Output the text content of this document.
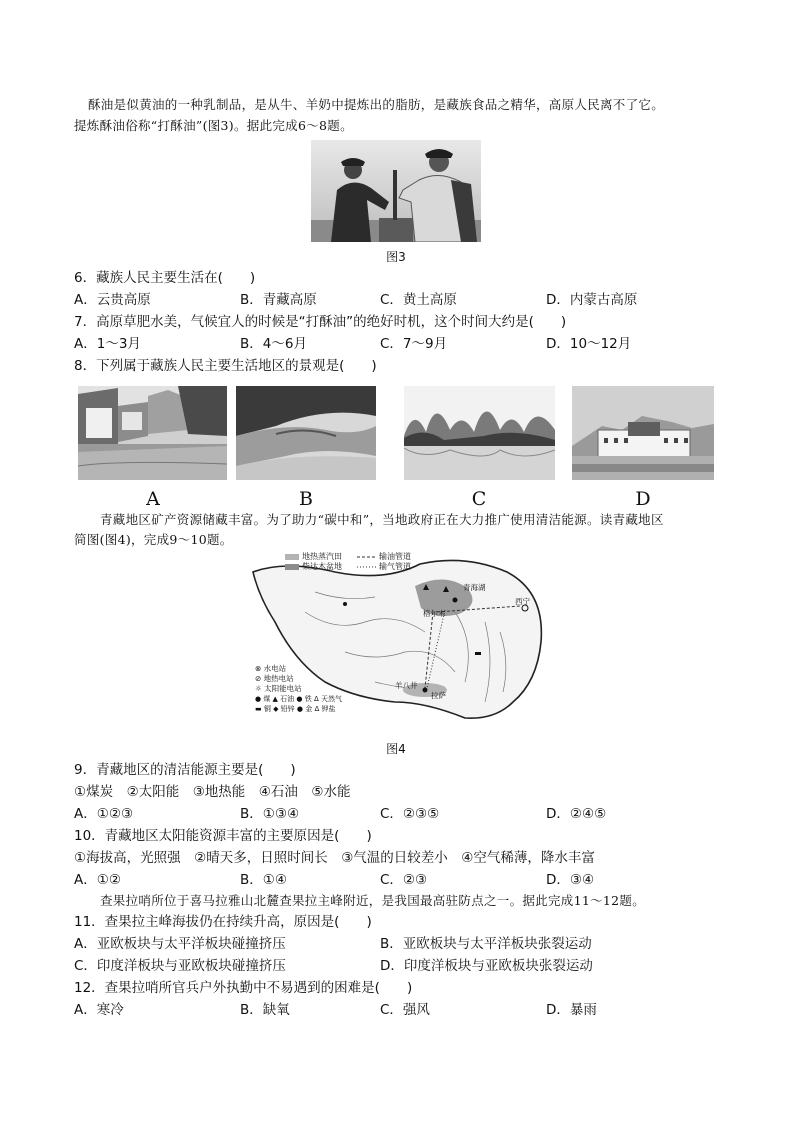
酥油是似黄油的一种乳制品，是从牛、羊奶中提炼出的脂肪，是藏族食品之精华，高原人民离不了它。
提炼酥油俗称“打酥油”(图3)。据此完成6～8题。
图3
6．藏族人民主要生活在(　　)
A．云贵高原	B．青藏高原	C．黄土高原	D．内蒙古高原
7．高原草肥水美，气候宜人的时候是“打酥油”的绝好时机，这个时间大约是(　　)
A．1～3月	B．4～6月	C．7～9月	D．10～12月
8．下列属于藏族人民主要生活地区的景观是(　　)
A	B	C	D
青藏地区矿产资源储藏丰富。为了助力“碳中和”，当地政府正在大力推广使用清洁能源。读青藏地区
简图(图4)，完成9～10题。
地热蒸汽田
柴达木盆地
输油管道
输气管道
⊗ 水电站
⊘ 地热电站
☼ 太阳能电站
● 煤 ▲ 石油 ● 铁 Δ 天然气
▬ 铜 ◆ 铅锌 ● 金 Δ 钾盐
青海湖
西宁
格尔木
羊八井
拉萨
图4
9．青藏地区的清洁能源主要是(　　)
①煤炭　②太阳能　③地热能　④石油　⑤水能
A．①②③	B．①③④	C．②③⑤	D．②④⑤
10．青藏地区太阳能资源丰富的主要原因是(　　)
①海拔高，光照强　②晴天多，日照时间长　③气温的日较差小　④空气稀薄，降水丰富
A．①②	B．①④	C．②③	D．③④
查果拉哨所位于喜马拉雅山北麓查果拉主峰附近，是我国最高驻防点之一。据此完成11～12题。
11．查果拉主峰海拔仍在持续升高，原因是(　　)
A．亚欧板块与太平洋板块碰撞挤压	B．亚欧板块与太平洋板块张裂运动
C．印度洋板块与亚欧板块碰撞挤压	D．印度洋板块与亚欧板块张裂运动
12．查果拉哨所官兵户外执勤中不易遇到的困难是(　　)
A．寒冷	B．缺氧	C．强风	D．暴雨
